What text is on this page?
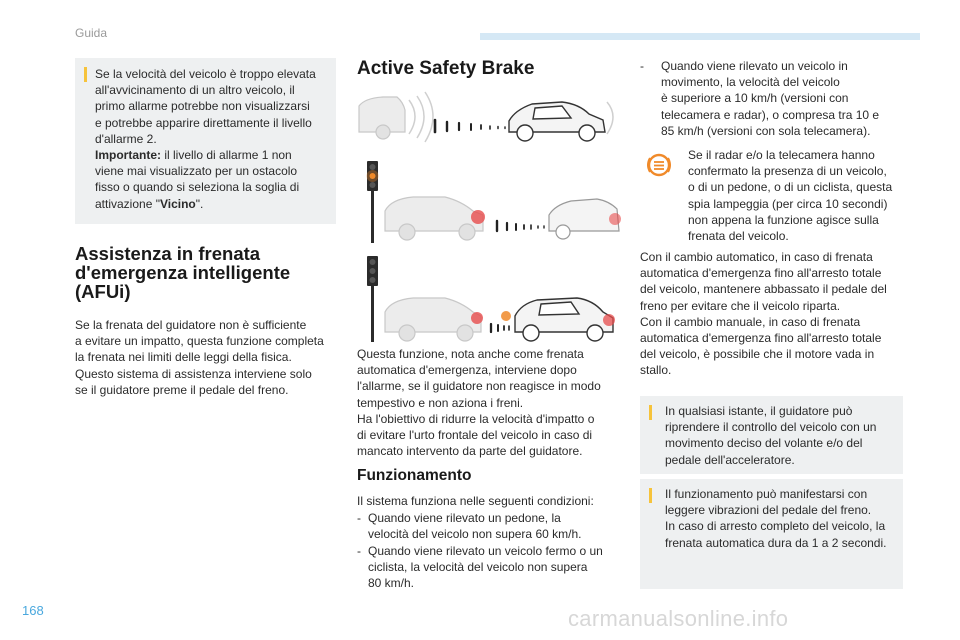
Guida

Se la velocità del veicolo è troppo elevata
all'avvicinamento di un altro veicolo, il
primo allarme potrebbe non visualizzarsi
e potrebbe apparire direttamente il livello
d'allarme 2.
Importante: il livello di allarme 1 non
viene mai visualizzato per un ostacolo
fisso o quando si seleziona la soglia di
attivazione "Vicino".

Assistenza in frenata
d'emergenza intelligente
(AFUi)

Se la frenata del guidatore non è sufficiente
a evitare un impatto, questa funzione completa
la frenata nei limiti delle leggi della fisica.
Questo sistema di assistenza interviene solo
se il guidatore preme il pedale del freno.

Active Safety Brake

Questa funzione, nota anche come frenata
automatica d'emergenza, interviene dopo
l'allarme, se il guidatore non reagisce in modo
tempestivo e non aziona i freni.
Ha l'obiettivo di ridurre la velocità d'impatto o
di evitare l'urto frontale del veicolo in caso di
mancato intervento da parte del guidatore.

Funzionamento

Il sistema funziona nelle seguenti condizioni:

- Quando viene rilevato un pedone, la
velocità del veicolo non supera 60 km/h.
- Quando viene rilevato un veicolo fermo o un
ciclista, la velocità del veicolo non supera
80 km/h.
- Quando viene rilevato un veicolo in
movimento, la velocità del veicolo
è superiore a 10 km/h (versioni con
telecamera e radar), o compresa tra 10 e
85 km/h (versioni con sola telecamera).

Se il radar e/o la telecamera hanno
confermato la presenza di un veicolo,
o di un pedone, o di un ciclista, questa
spia lampeggia (per circa 10 secondi)
non appena la funzione agisce sulla
frenata del veicolo.

Con il cambio automatico, in caso di frenata
automatica d'emergenza fino all'arresto totale
del veicolo, mantenere abbassato il pedale del
freno per evitare che il veicolo riparta.
Con il cambio manuale, in caso di frenata
automatica d'emergenza fino all'arresto totale
del veicolo, è possibile che il motore vada in
stallo.

In qualsiasi istante, il guidatore può
riprendere il controllo del veicolo con un
movimento deciso del volante e/o del
pedale dell'acceleratore.

Il funzionamento può manifestarsi con
leggere vibrazioni del pedale del freno.
In caso di arresto completo del veicolo, la
frenata automatica dura da 1 a 2 secondi.

168	carmanualsonline.info
